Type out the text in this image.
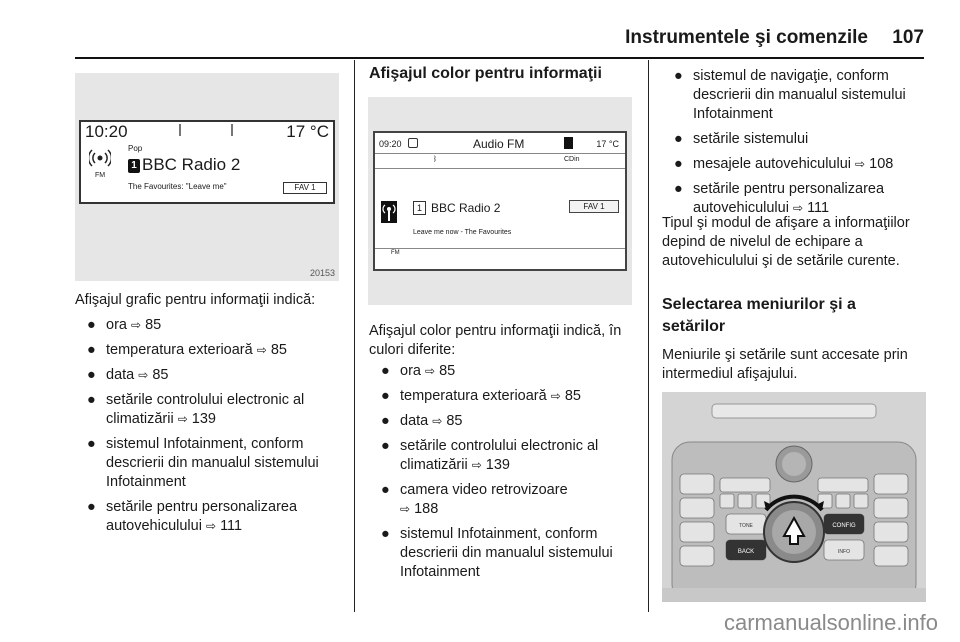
Instrumentele şi comenzile 107
10:20	17 °C
FM
Pop
1 BBC Radio 2
The Favourites: "Leave me"	FAV 1
20153
Afişajul grafic pentru informaţii indică:
● ora ⇨ 85
● temperatura exterioară ⇨ 85
● data ⇨ 85
● setările controlului electronic al climatizării ⇨ 139
● sistemul Infotainment, conform descrierii din manualul sistemului Infotainment
● setările pentru personalizarea autovehiculului ⇨ 111
Afişajul color pentru informaţii
09:20	Audio FM	17 °C
ᛒ	CDin
FM
1 BBC Radio 2	FAV 1
Leave me now - The Favourites
Afişajul color pentru informaţii indică, în culori diferite:
● ora ⇨ 85
● temperatura exterioară ⇨ 85
● data ⇨ 85
● setările controlului electronic al climatizării ⇨ 139
● camera video retrovizoare
⇨ 188
● sistemul Infotainment, conform descrierii din manualul sistemului Infotainment
● sistemul de navigaţie, conform descrierii din manualul sistemului Infotainment
● setările sistemului
● mesajele autovehiculului ⇨ 108
● setările pentru personalizarea autovehiculului ⇨ 111
Tipul şi modul de afişare a informaţiilor depind de nivelul de echipare a autovehiculului şi de setările curente.
Selectarea meniurilor şi a setărilor
Meniurile şi setările sunt accesate prin intermediul afişajului.
CONFIG
BACK
TONE
INFO
carmanualsonline.info
